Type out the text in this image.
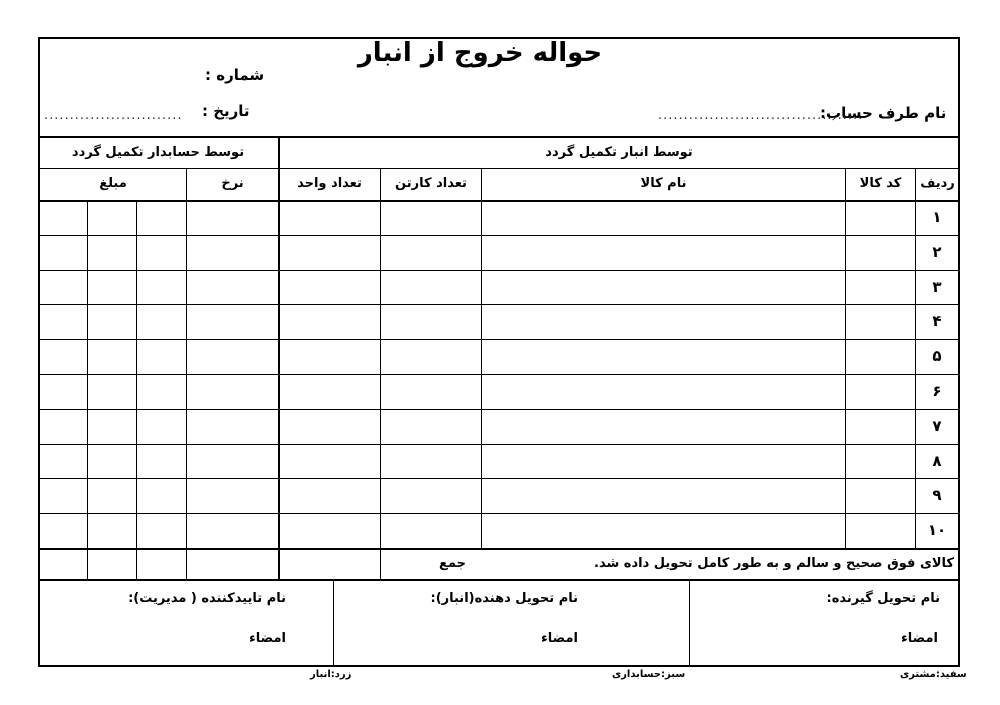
حواله خروج از انبار
شماره :
تاریخ :
...........................	نام طرف حساب:
........................................
توسط انبار تکمیل گردد
توسط حسابدار تکمیل گردد
ردیف
کد کالا
نام کالا
تعداد کارتن
تعداد واحد
نرخ
مبلغ
۱
۲
۳
۴
۵
۶
۷
۸
۹
۱۰
جمع	کالای فوق صحیح و سالم و به طور کامل تحویل داده شد.
نام تحویل گیرنده:
امضاء
نام تحویل دهنده(انبار):
امضاء
نام تاییدکننده ( مدیریت):
امضاء
سفید:مشتری
سبز:حسابداری
زرد:انبار
